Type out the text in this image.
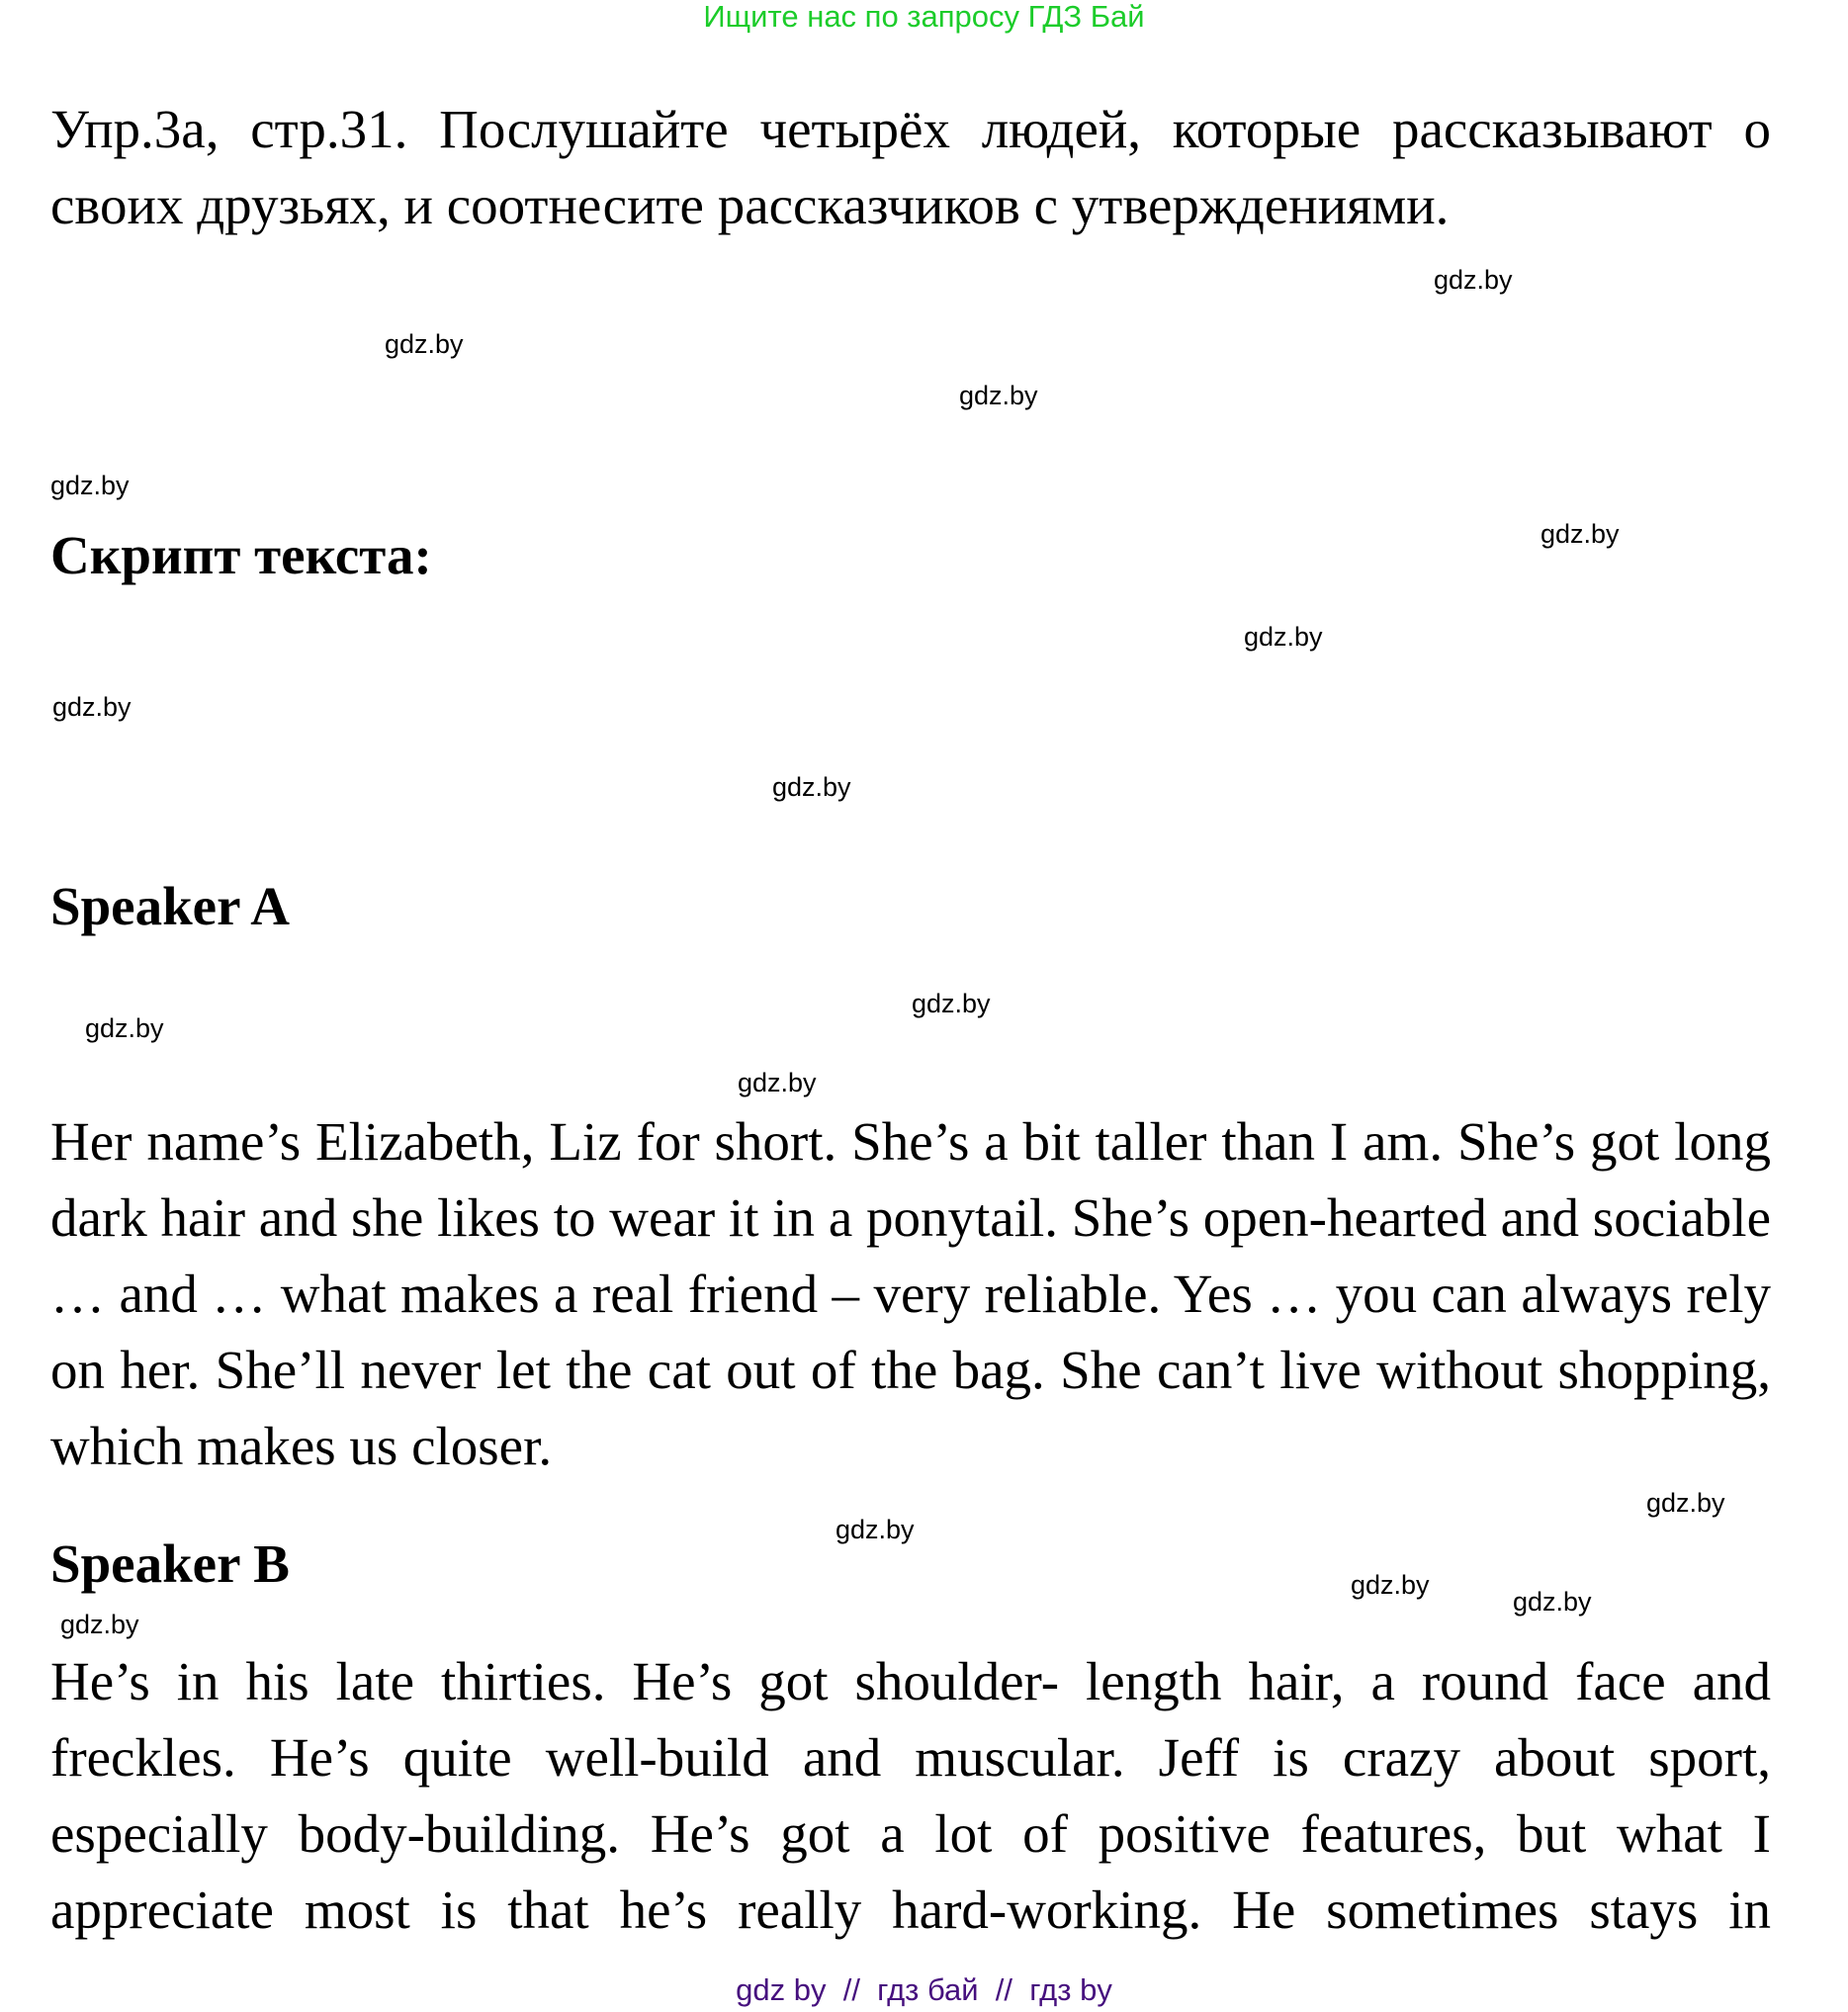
Ищите нас по запросу ГДЗ Бай
Упр.3а, стр.31. Послушайте четырёх людей, которые рассказывают о своих друзьях, и соотнесите рассказчиков с утверждениями.
Скрипт текста:
Speaker A
Her name’s Elizabeth, Liz for short. She’s a bit taller than I am. She’s got long dark hair and she likes to wear it in a ponytail. She’s open-hearted and sociable … and … what makes a real friend – very reliable. Yes … you can always rely on her. She’ll never let the cat out of the bag. She can’t live without shopping, which makes us closer.
Speaker B
He’s in his late thirties. He’s got shoulder- length hair, a round face and freckles. He’s quite well-build and muscular. Jeff is crazy about sport, especially body-building. He’s got a lot of positive features, but what I appreciate most is that he’s really hard-working. He sometimes stays in
gdz.by
gdz.by
gdz.by
gdz.by
gdz.by
gdz.by
gdz.by
gdz.by
gdz.by
gdz.by
gdz.by
gdz.by
gdz.by
gdz.by
gdz.by
gdz.by
gdz by  //  гдз бай  //  гдз by
